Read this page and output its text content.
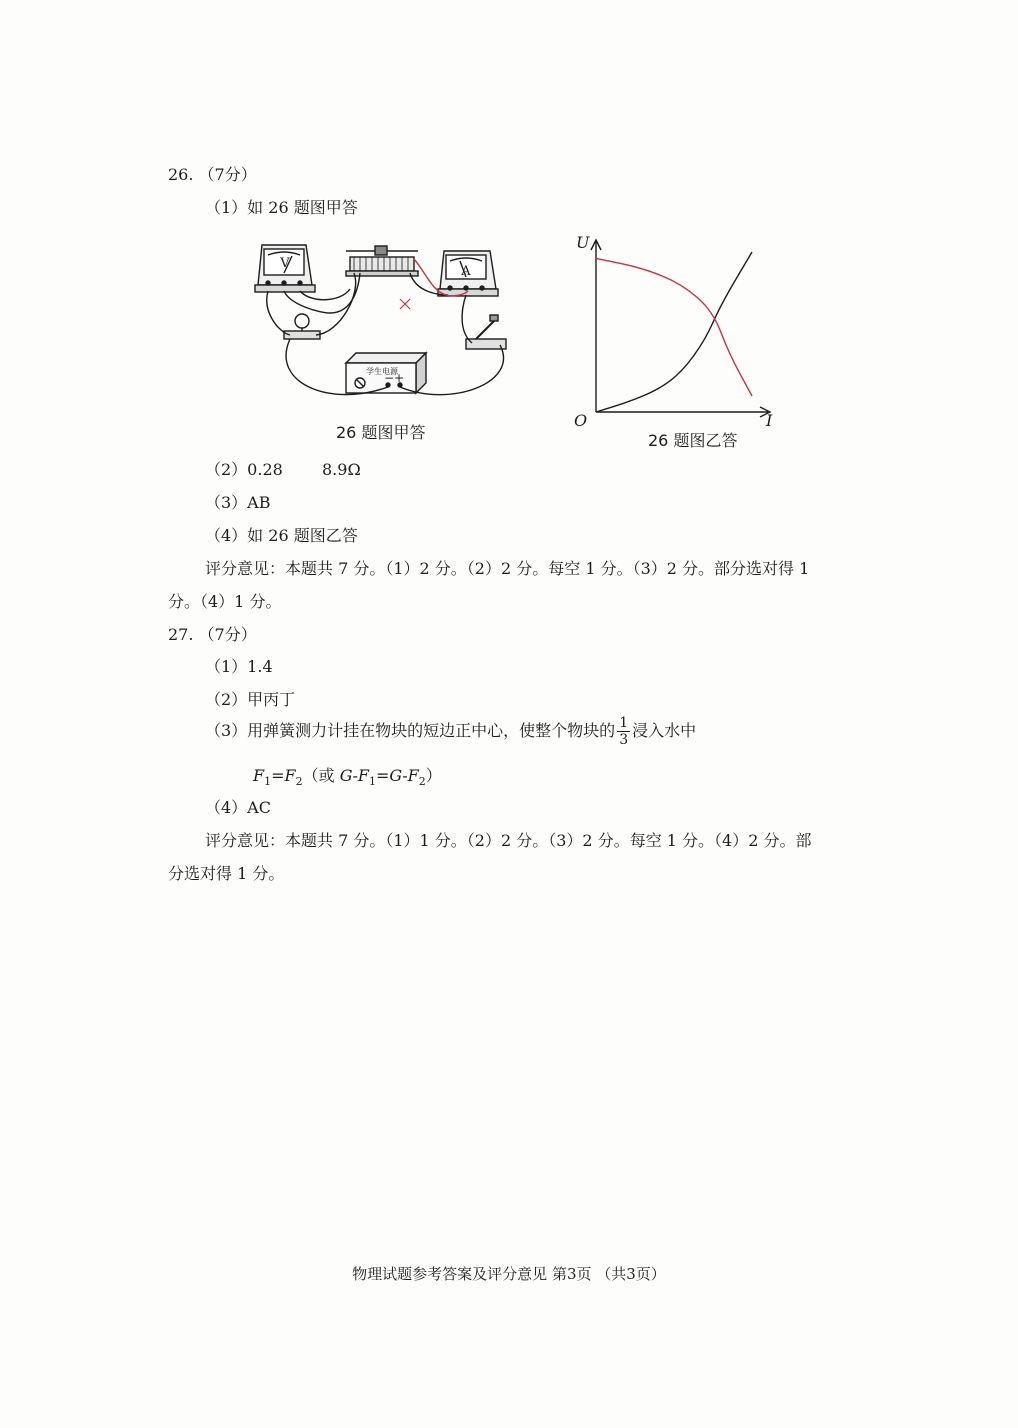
26. （7分）
（1）如 26 题图甲答
V
A
学生电源
−+
26 题图甲答
U
I
O
26 题图乙答
（2）0.28 8.9Ω
（3）AB
（4）如 26 题图乙答
评分意见：本题共 7 分。（1）2 分。（2）2 分。每空 1 分。（3）2 分。部分选对得 1
分。（4）1 分。
27. （7分）
（1）1.4
（2）甲丙丁
（3）用弹簧测力计挂在物块的短边正中心，使整个物块的 $\frac{1}{3}$ 浸入水中
$F_1=F_2$（或 $G-F_1=G-F_2$）
（4）AC
评分意见：本题共 7 分。（1）1 分。（2）2 分。（3）2 分。每空 1 分。（4）2 分。部
分选对得 1 分。
物理试题参考答案及评分意见 第3页 （共3页）
